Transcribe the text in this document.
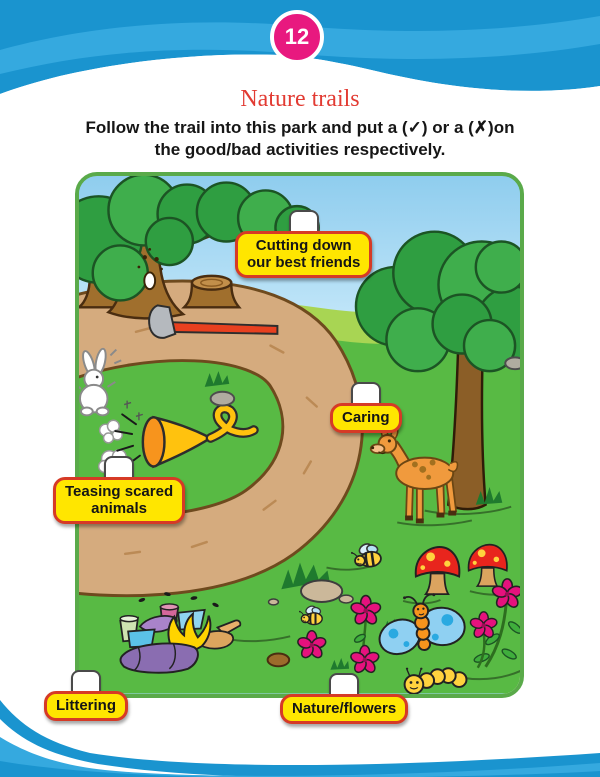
12
Nature trails
Follow the trail into this park and put a (✓) or a (✗)on
the good/bad activities respectively.
Cutting down
our best friends
Caring
Teasing scared
animals
Littering	Nature/flowers
